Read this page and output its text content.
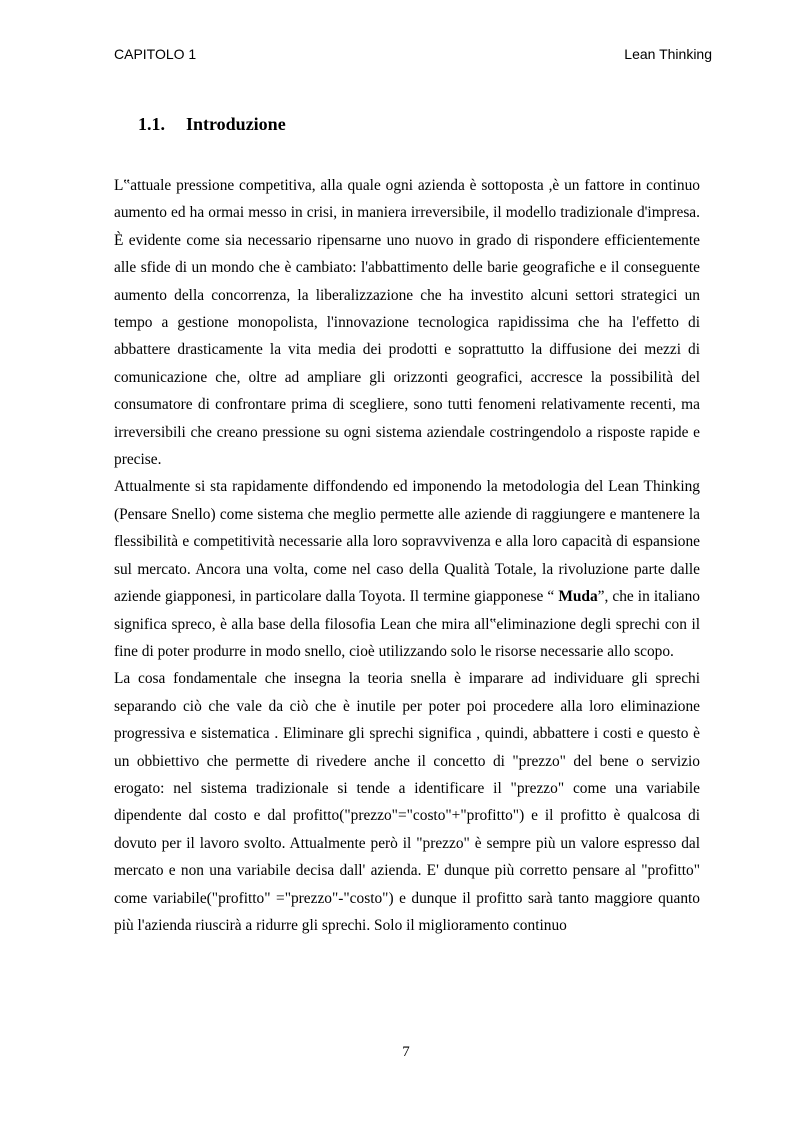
CAPITOLO 1	Lean Thinking
1.1. Introduzione

L‟attuale pressione competitiva, alla quale ogni azienda è sottoposta ,è un fattore in continuo aumento ed ha ormai messo in crisi, in maniera irreversibile, il modello tradizionale d'impresa. È evidente come sia necessario ripensarne uno nuovo in grado di rispondere efficientemente alle sfide di un mondo che è cambiato: l'abbattimento delle barie geografiche e il conseguente aumento della concorrenza, la liberalizzazione che ha investito alcuni settori strategici un tempo a gestione monopolista, l'innovazione tecnologica rapidissima che ha l'effetto di abbattere drasticamente la vita media dei prodotti e soprattutto la diffusione dei mezzi di comunicazione che, oltre ad ampliare gli orizzonti geografici, accresce la possibilità del consumatore di confrontare prima di scegliere, sono tutti fenomeni relativamente recenti, ma irreversibili che creano pressione su ogni sistema aziendale costringendolo a risposte rapide e precise.

Attualmente si sta rapidamente diffondendo ed imponendo la metodologia del Lean Thinking (Pensare Snello) come sistema che meglio permette alle aziende di raggiungere e mantenere la flessibilità e competitività necessarie alla loro sopravvivenza e alla loro capacità di espansione sul mercato. Ancora una volta, come nel caso della Qualità Totale, la rivoluzione parte dalle aziende giapponesi, in particolare dalla Toyota. Il termine giapponese “ Muda”, che in italiano significa spreco, è alla base della filosofia Lean che mira all‟eliminazione degli sprechi con il fine di poter produrre in modo snello, cioè utilizzando solo le risorse necessarie allo scopo.

La cosa fondamentale che insegna la teoria snella è imparare ad individuare gli sprechi separando ciò che vale da ciò che è inutile per poter poi procedere alla loro eliminazione progressiva e sistematica . Eliminare gli sprechi significa , quindi, abbattere i costi e questo è un obbiettivo che permette di rivedere anche il concetto di "prezzo" del bene o servizio erogato: nel sistema tradizionale si tende a identificare il "prezzo" come una variabile dipendente dal costo e dal profitto("prezzo"="costo"+"profitto") e il profitto è qualcosa di dovuto per il lavoro svolto. Attualmente però il "prezzo" è sempre più un valore espresso dal mercato e non una variabile decisa dall' azienda. E' dunque più corretto pensare al "profitto" come variabile("profitto" ="prezzo"-"costo") e dunque il profitto sarà tanto maggiore quanto più l'azienda riuscirà a ridurre gli sprechi. Solo il miglioramento continuo

7
